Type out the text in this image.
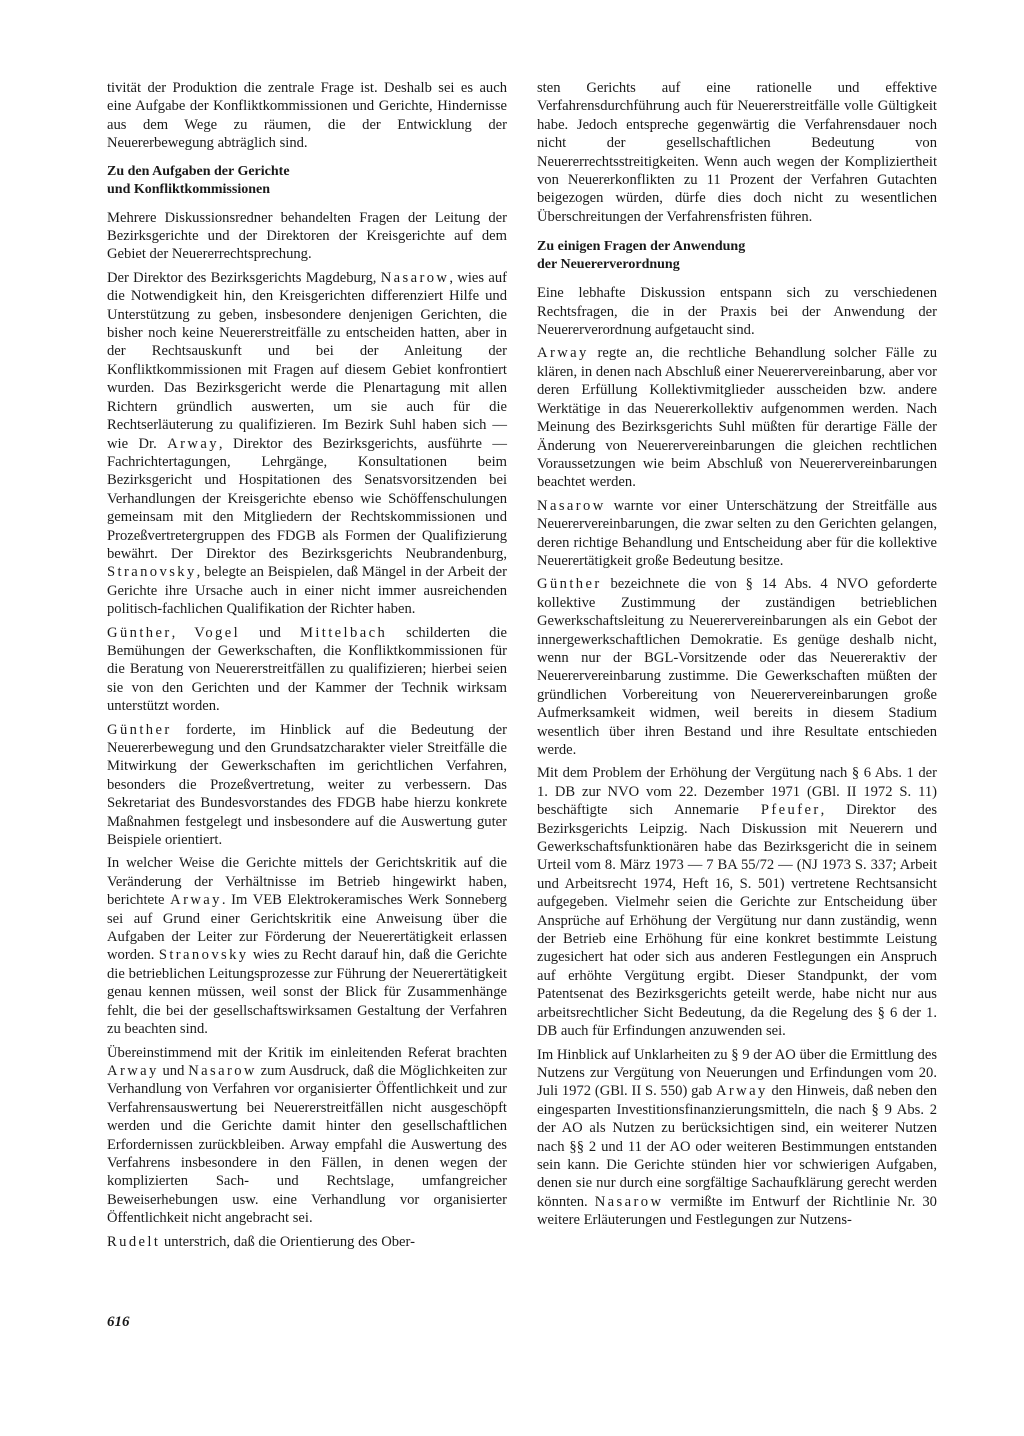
tivität der Produktion die zentrale Frage ist. Deshalb sei es auch eine Aufgabe der Konfliktkommissionen und Gerichte, Hindernisse aus dem Wege zu räumen, die der Entwicklung der Neuererbewegung abträglich sind.

Zu den Aufgaben der Gerichte
und Konfliktkommissionen

Mehrere Diskussionsredner behandelten Fragen der Leitung der Bezirksgerichte und der Direktoren der Kreisgerichte auf dem Gebiet der Neuererrechtsprechung.

Der Direktor des Bezirksgerichts Magdeburg, Nasarow, wies auf die Notwendigkeit hin, den Kreisgerichten differenziert Hilfe und Unterstützung zu geben, insbesondere denjenigen Gerichten, die bisher noch keine Neuererstreitfälle zu entscheiden hatten, aber in der Rechtsauskunft und bei der Anleitung der Konfliktkommissionen mit Fragen auf diesem Gebiet konfrontiert wurden. Das Bezirksgericht werde die Plenartagung mit allen Richtern gründlich auswerten, um sie auch für die Rechtserläuterung zu qualifizieren. Im Bezirk Suhl haben sich — wie Dr. Arway, Direktor des Bezirksgerichts, ausführte — Fachrichtertagungen, Lehrgänge, Konsultationen beim Bezirksgericht und Hospitationen des Senatsvorsitzenden bei Verhandlungen der Kreisgerichte ebenso wie Schöffenschulungen gemeinsam mit den Mitgliedern der Rechtskommissionen und Prozeßvertretergruppen des FDGB als Formen der Qualifizierung bewährt. Der Direktor des Bezirksgerichts Neubrandenburg, Stranovsky, belegte an Beispielen, daß Mängel in der Arbeit der Gerichte ihre Ursache auch in einer nicht immer ausreichenden politisch-fachlichen Qualifikation der Richter haben.

Günther, Vogel und Mittelbach schilderten die Bemühungen der Gewerkschaften, die Konfliktkommissionen für die Beratung von Neuererstreitfällen zu qualifizieren; hierbei seien sie von den Gerichten und der Kammer der Technik wirksam unterstützt worden.

Günther forderte, im Hinblick auf die Bedeutung der Neuererbewegung und den Grundsatzcharakter vieler Streitfälle die Mitwirkung der Gewerkschaften im gerichtlichen Verfahren, besonders die Prozeßvertretung, weiter zu verbessern. Das Sekretariat des Bundesvorstandes des FDGB habe hierzu konkrete Maßnahmen festgelegt und insbesondere auf die Auswertung guter Beispiele orientiert.

In welcher Weise die Gerichte mittels der Gerichtskritik auf die Veränderung der Verhältnisse im Betrieb hingewirkt haben, berichtete Arway. Im VEB Elektrokeramisches Werk Sonneberg sei auf Grund einer Gerichtskritik eine Anweisung über die Aufgaben der Leiter zur Förderung der Neuerertätigkeit erlassen worden. Stranovsky wies zu Recht darauf hin, daß die Gerichte die betrieblichen Leitungsprozesse zur Führung der Neuerertätigkeit genau kennen müssen, weil sonst der Blick für Zusammenhänge fehlt, die bei der gesellschaftswirksamen Gestaltung der Verfahren zu beachten sind.

Übereinstimmend mit der Kritik im einleitenden Referat brachten Arway und Nasarow zum Ausdruck, daß die Möglichkeiten zur Verhandlung von Verfahren vor organisierter Öffentlichkeit und zur Verfahrensauswertung bei Neuererstreitfällen nicht ausgeschöpft werden und die Gerichte damit hinter den gesellschaftlichen Erfordernissen zurückbleiben. Arway empfahl die Auswertung des Verfahrens insbesondere in den Fällen, in denen wegen der komplizierten Sach- und Rechtslage, umfangreicher Beweiserhebungen usw. eine Verhandlung vor organisierter Öffentlichkeit nicht angebracht sei.

Rudelt unterstrich, daß die Orientierung des Ober-

sten Gerichts auf eine rationelle und effektive Verfahrensdurchführung auch für Neuererstreitfälle volle Gültigkeit habe. Jedoch entspreche gegenwärtig die Verfahrensdauer noch nicht der gesellschaftlichen Bedeutung von Neuererrechtsstreitigkeiten. Wenn auch wegen der Kompliziertheit von Neuererkonflikten zu 11 Prozent der Verfahren Gutachten beigezogen würden, dürfe dies doch nicht zu wesentlichen Überschreitungen der Verfahrensfristen führen.

Zu einigen Fragen der Anwendung
der Neuererverordnung

Eine lebhafte Diskussion entspann sich zu verschiedenen Rechtsfragen, die in der Praxis bei der Anwendung der Neuererverordnung aufgetaucht sind.

Arway regte an, die rechtliche Behandlung solcher Fälle zu klären, in denen nach Abschluß einer Neuerervereinbarung, aber vor deren Erfüllung Kollektivmitglieder ausscheiden bzw. andere Werktätige in das Neuererkollektiv aufgenommen werden. Nach Meinung des Bezirksgerichts Suhl müßten für derartige Fälle der Änderung von Neuerervereinbarungen die gleichen rechtlichen Voraussetzungen wie beim Abschluß von Neuerervereinbarungen beachtet werden.

Nasarow warnte vor einer Unterschätzung der Streitfälle aus Neuerervereinbarungen, die zwar selten zu den Gerichten gelangen, deren richtige Behandlung und Entscheidung aber für die kollektive Neuerertätigkeit große Bedeutung besitze.

Günther bezeichnete die von § 14 Abs. 4 NVO geforderte kollektive Zustimmung der zuständigen betrieblichen Gewerkschaftsleitung zu Neuerervereinbarungen als ein Gebot der innergewerkschaftlichen Demokratie. Es genüge deshalb nicht, wenn nur der BGL-Vorsitzende oder das Neuereraktiv der Neuerervereinbarung zustimme. Die Gewerkschaften müßten der gründlichen Vorbereitung von Neuerervereinbarungen große Aufmerksamkeit widmen, weil bereits in diesem Stadium wesentlich über ihren Bestand und ihre Resultate entschieden werde.

Mit dem Problem der Erhöhung der Vergütung nach § 6 Abs. 1 der 1. DB zur NVO vom 22. Dezember 1971 (GBl. II 1972 S. 11) beschäftigte sich Annemarie Pfeufer, Direktor des Bezirksgerichts Leipzig. Nach Diskussion mit Neuerern und Gewerkschaftsfunktionären habe das Bezirksgericht die in seinem Urteil vom 8. März 1973 — 7 BA 55/72 — (NJ 1973 S. 337; Arbeit und Arbeitsrecht 1974, Heft 16, S. 501) vertretene Rechtsansicht aufgegeben. Vielmehr seien die Gerichte zur Entscheidung über Ansprüche auf Erhöhung der Vergütung nur dann zuständig, wenn der Betrieb eine Erhöhung für eine konkret bestimmte Leistung zugesichert hat oder sich aus anderen Festlegungen ein Anspruch auf erhöhte Vergütung ergibt. Dieser Standpunkt, der vom Patentsenat des Bezirksgerichts geteilt werde, habe nicht nur aus arbeitsrechtlicher Sicht Bedeutung, da die Regelung des § 6 der 1. DB auch für Erfindungen anzuwenden sei.

Im Hinblick auf Unklarheiten zu § 9 der AO über die Ermittlung des Nutzens zur Vergütung von Neuerungen und Erfindungen vom 20. Juli 1972 (GBl. II S. 550) gab Arway den Hinweis, daß neben den eingesparten Investitionsfinanzierungsmitteln, die nach § 9 Abs. 2 der AO als Nutzen zu berücksichtigen sind, ein weiterer Nutzen nach §§ 2 und 11 der AO oder weiteren Bestimmungen entstanden sein kann. Die Gerichte stünden hier vor schwierigen Aufgaben, denen sie nur durch eine sorgfältige Sachaufklärung gerecht werden könnten. Nasarow vermißte im Entwurf der Richtlinie Nr. 30 weitere Erläuterungen und Festlegungen zur Nutzens-

616
